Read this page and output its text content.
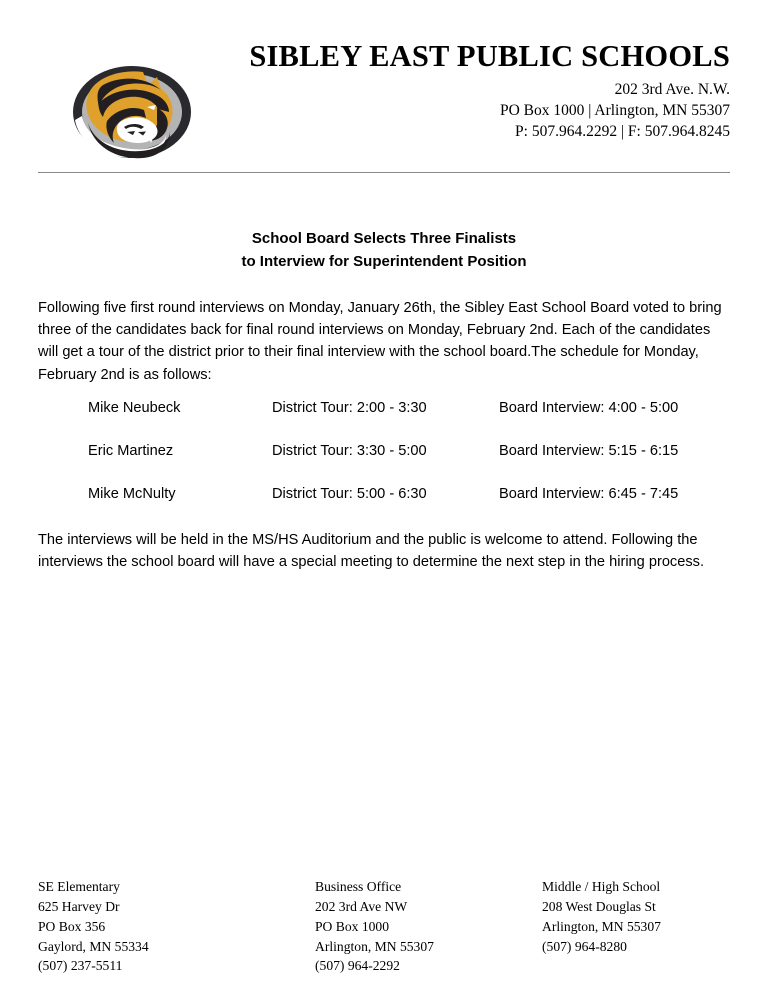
SIBLEY EAST PUBLIC SCHOOLS
202 3rd Ave. N.W.
PO Box 1000 | Arlington, MN 55307
P: 507.964.2292 | F: 507.964.8245
School Board Selects Three Finalists
to Interview for Superintendent Position
Following five first round interviews on Monday, January 26th, the Sibley East School Board voted to bring three of the candidates back for final round interviews on Monday, February 2nd. Each of the candidates will get a tour of the district prior to their final interview with the school board.The schedule for Monday, February 2nd is as follows:
Mike Neubeck	District Tour: 2:00 - 3:30	Board Interview: 4:00 - 5:00
Eric Martinez	District Tour: 3:30 - 5:00	Board Interview: 5:15 - 6:15
Mike McNulty	District Tour: 5:00 - 6:30	Board Interview: 6:45 - 7:45
The interviews will be held in the MS/HS Auditorium and the public is welcome to attend. Following the interviews the school board will have a special meeting to determine the next step in the hiring process.
SE Elementary
625 Harvey Dr
PO Box 356
Gaylord, MN 55334
(507) 237-5511
Business Office
202 3rd Ave NW
PO Box 1000
Arlington, MN 55307
(507) 964-2292
Middle / High School
208 West Douglas St
Arlington, MN 55307
(507) 964-8280
